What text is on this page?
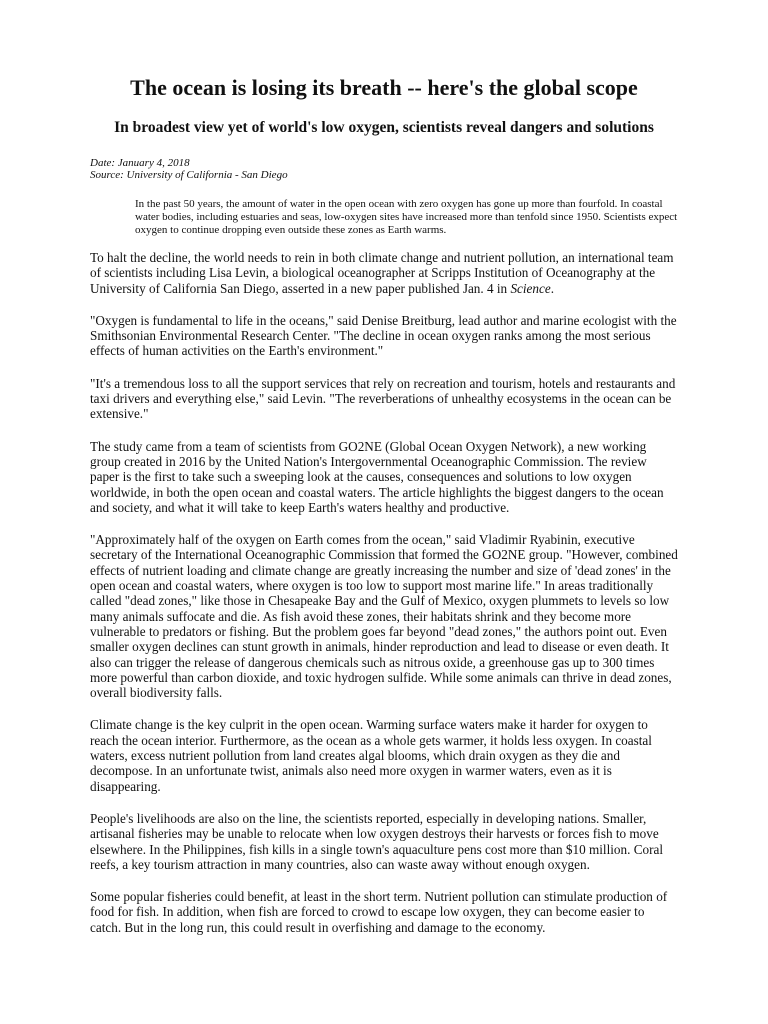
The ocean is losing its breath -- here's the global scope
In broadest view yet of world's low oxygen, scientists reveal dangers and solutions
Date: January 4, 2018
Source: University of California - San Diego
In the past 50 years, the amount of water in the open ocean with zero oxygen has gone up more than fourfold. In coastal water bodies, including estuaries and seas, low-oxygen sites have increased more than tenfold since 1950. Scientists expect oxygen to continue dropping even outside these zones as Earth warms.

To halt the decline, the world needs to rein in both climate change and nutrient pollution, an international team of scientists including Lisa Levin, a biological oceanographer at Scripps Institution of Oceanography at the University of California San Diego, asserted in a new paper published Jan. 4 in Science.

"Oxygen is fundamental to life in the oceans," said Denise Breitburg, lead author and marine ecologist with the Smithsonian Environmental Research Center. "The decline in ocean oxygen ranks among the most serious effects of human activities on the Earth's environment."

"It's a tremendous loss to all the support services that rely on recreation and tourism, hotels and restaurants and taxi drivers and everything else," said Levin. "The reverberations of unhealthy ecosystems in the ocean can be extensive."

The study came from a team of scientists from GO2NE (Global Ocean Oxygen Network), a new working group created in 2016 by the United Nation's Intergovernmental Oceanographic Commission. The review paper is the first to take such a sweeping look at the causes, consequences and solutions to low oxygen worldwide, in both the open ocean and coastal waters. The article highlights the biggest dangers to the ocean and society, and what it will take to keep Earth's waters healthy and productive.

"Approximately half of the oxygen on Earth comes from the ocean," said Vladimir Ryabinin, executive secretary of the International Oceanographic Commission that formed the GO2NE group. "However, combined effects of nutrient loading and climate change are greatly increasing the number and size of 'dead zones' in the open ocean and coastal waters, where oxygen is too low to support most marine life." In areas traditionally called "dead zones," like those in Chesapeake Bay and the Gulf of Mexico, oxygen plummets to levels so low many animals suffocate and die. As fish avoid these zones, their habitats shrink and they become more vulnerable to predators or fishing. But the problem goes far beyond "dead zones," the authors point out. Even smaller oxygen declines can stunt growth in animals, hinder reproduction and lead to disease or even death. It also can trigger the release of dangerous chemicals such as nitrous oxide, a greenhouse gas up to 300 times more powerful than carbon dioxide, and toxic hydrogen sulfide. While some animals can thrive in dead zones, overall biodiversity falls.

Climate change is the key culprit in the open ocean. Warming surface waters make it harder for oxygen to reach the ocean interior. Furthermore, as the ocean as a whole gets warmer, it holds less oxygen. In coastal waters, excess nutrient pollution from land creates algal blooms, which drain oxygen as they die and decompose. In an unfortunate twist, animals also need more oxygen in warmer waters, even as it is disappearing.

People's livelihoods are also on the line, the scientists reported, especially in developing nations. Smaller, artisanal fisheries may be unable to relocate when low oxygen destroys their harvests or forces fish to move elsewhere. In the Philippines, fish kills in a single town's aquaculture pens cost more than $10 million. Coral reefs, a key tourism attraction in many countries, also can waste away without enough oxygen.

Some popular fisheries could benefit, at least in the short term. Nutrient pollution can stimulate production of food for fish. In addition, when fish are forced to crowd to escape low oxygen, they can become easier to catch. But in the long run, this could result in overfishing and damage to the economy.
